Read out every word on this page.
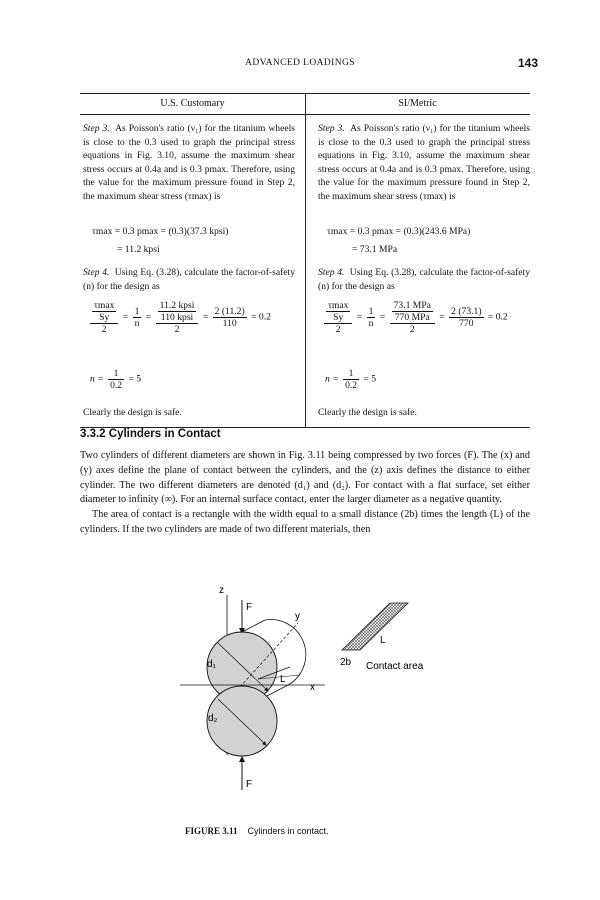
ADVANCED LOADINGS	143
U.S. Customary	SI/Metric

Step 3. As Poisson's ratio (ν₁) for the titanium wheels is close to the 0.3 used to graph the principal stress equations in Fig. 3.10, assume the maximum shear stress occurs at 0.4a and is 0.3 pmax. Therefore, using the value for the maximum pressure found in Step 2, the maximum shear stress (τmax) is

τmax = 0.3 pmax = (0.3)(37.3 kpsi)
= 11.2 kpsi

Step 4. Using Eq. (3.28), calculate the factor-of-safety (n) for the design as

$\frac{\frac{\tau\max}{Sy}}{2} = \frac{1}{n} = \frac{\frac{\text{11.2 kpsi}}{\text{110 kpsi}}}{2} = \frac{2 (11.2)}{110} = 0.2$
$n = \frac{1}{0.2} = 5$
Clearly the design is safe.

Step 3. As Poisson's ratio (ν₁) for the titanium wheels is close to the 0.3 used to graph the principal stress equations in Fig. 3.10, assume the maximum shear stress occurs at 0.4a and is 0.3 pmax. Therefore, using the value for the maximum pressure found in Step 2, the maximum shear stress (τmax) is

τmax = 0.3 pmax = (0.3)(243.6 MPa)
= 73.1 MPa

Step 4. Using Eq. (3.28), calculate the factor-of-safety (n) for the design as

$\frac{\frac{\tau\max}{Sy}}{2} = \frac{1}{n} = \frac{\frac{\text{73.1 MPa}}{\text{770 MPa}}}{2} = \frac{2 (73.1)}{770} = 0.2$
$n = \frac{1}{0.2} = 5$
Clearly the design is safe.
3.3.2 Cylinders in Contact

Two cylinders of different diameters are shown in Fig. 3.11 being compressed by two forces (F). The (x) and (y) axes define the plane of contact between the cylinders, and the (z) axis defines the distance to either cylinder. The two different diameters are denoted (d₁) and (d₂). For contact with a flat surface, set either diameter to infinity (∞). For an internal surface contact, enter the larger diameter as a negative quantity.

The area of contact is a rectangle with the width equal to a small distance (2b) times the length (L) of the cylinders. If the two cylinders are made of two different materials, then

z
F
y
d₁
x
L
d₂
F
L
2b Contact area
FIGURE 3.11 Cylinders in contact.
